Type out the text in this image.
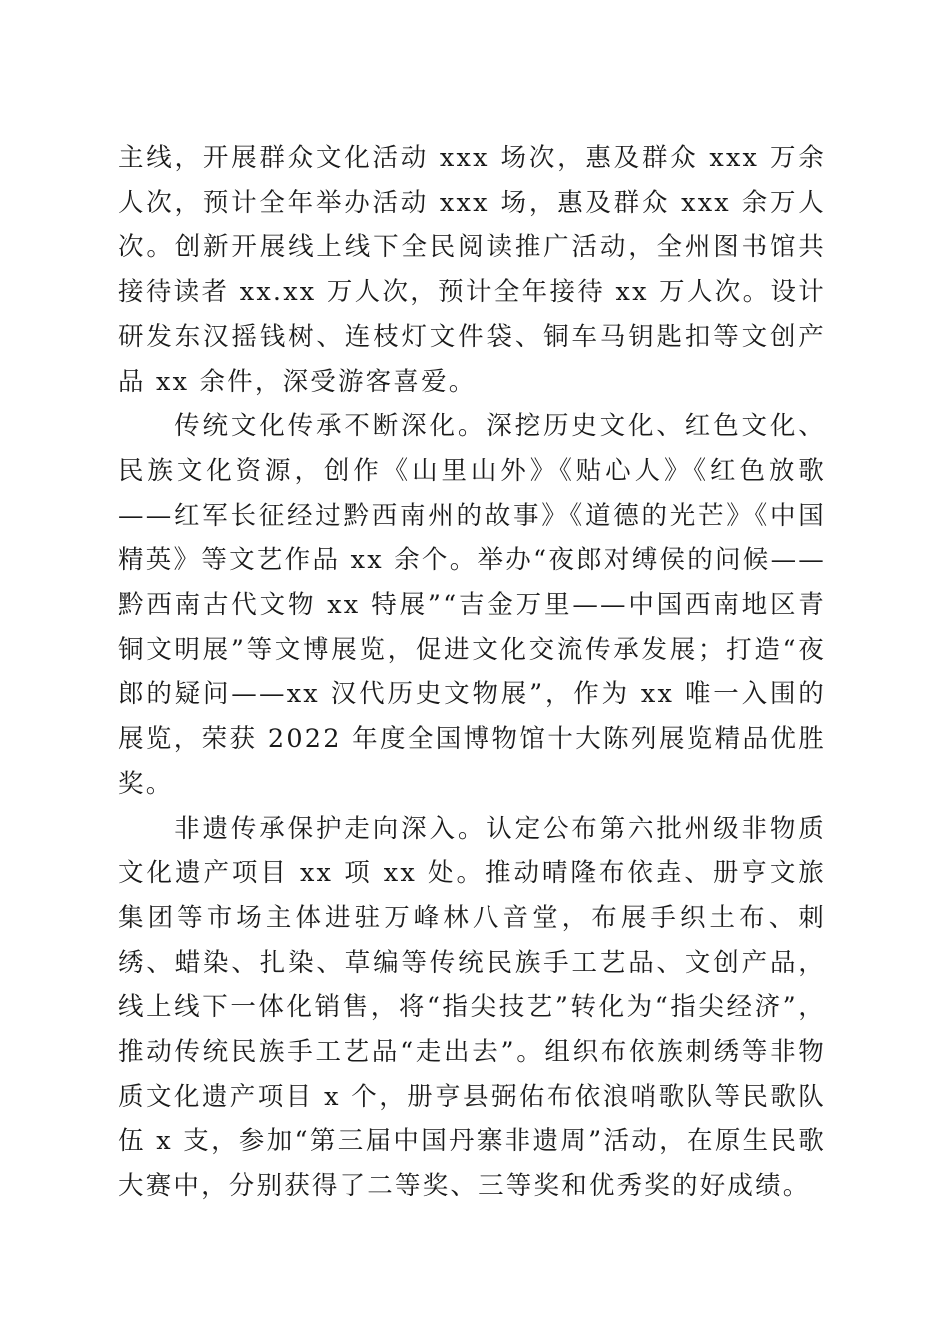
主线，开展群众文化活动 xxx 场次，惠及群众 xxx 万余人次，预计全年举办活动 xxx 场，惠及群众 xxx 余万人次。创新开展线上线下全民阅读推广活动，全州图书馆共接待读者 xx.xx 万人次，预计全年接待 xx 万人次。设计研发东汉摇钱树、连枝灯文件袋、铜车马钥匙扣等文创产品 xx 余件，深受游客喜爱。

传统文化传承不断深化。深挖历史文化、红色文化、民族文化资源，创作《山里山外》《贴心人》《红色放歌——红军长征经过黔西南州的故事》《道德的光芒》《中国精英》等文艺作品 xx 余个。举办“夜郎对缚侯的问候——黔西南古代文物 xx 特展”“吉金万里——中国西南地区青铜文明展”等文博展览，促进文化交流传承发展；打造“夜郎的疑问——xx 汉代历史文物展”，作为 xx 唯一入围的展览，荣获 2022 年度全国博物馆十大陈列展览精品优胜奖。

非遗传承保护走向深入。认定公布第六批州级非物质文化遗产项目 xx 项 xx 处。推动晴隆布依垚、册亨文旅集团等市场主体进驻万峰林八音堂，布展手织土布、刺绣、蜡染、扎染、草编等传统民族手工艺品、文创产品，线上线下一体化销售，将“指尖技艺”转化为“指尖经济”，推动传统民族手工艺品“走出去”。组织布依族刺绣等非物质文化遗产项目 x 个，册亨县弼佑布依浪哨歌队等民歌队伍 x 支，参加“第三届中国丹寨非遗周”活动，在原生民歌大赛中，分别获得了二等奖、三等奖和优秀奖的好成绩。
